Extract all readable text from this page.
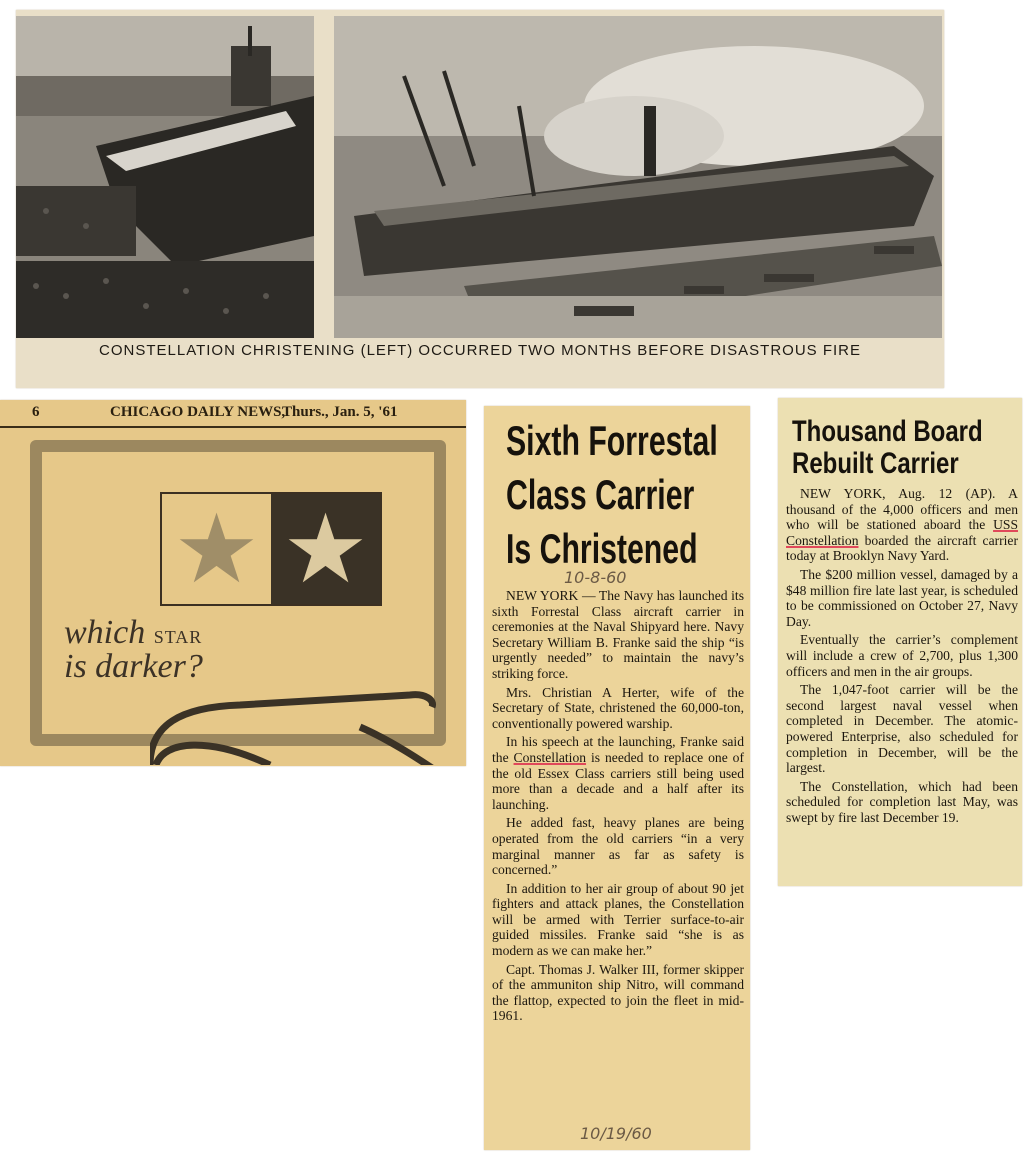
CONSTELLATION CHRISTENING (LEFT) OCCURRED TWO MONTHS BEFORE DISASTROUS FIRE
6	CHICAGO DAILY NEWS,
Thurs., Jan. 5, '61
★ ★
which STAR
is darker?
Sixth Forrestal
Class Carrier
Is Christened
10-8-60

NEW YORK — The Navy has launched its sixth Forrestal Class aircraft carrier in ceremonies at the Naval Shipyard here. Navy Secretary William B. Franke said the ship “is urgently needed” to maintain the navy’s striking force.

Mrs. Christian A Herter, wife of the Secretary of State, christened the 60,000-ton, conventionally powered warship.

In his speech at the launching, Franke said the Constellation is needed to replace one of the old Essex Class carriers still being used more than a decade and a half after its launching.

He added fast, heavy planes are being operated from the old carriers “in a very marginal manner as far as safety is concerned.”

In addition to her air group of about 90 jet fighters and attack planes, the Constellation will be armed with Terrier surface-to-air guided missiles. Franke said “she is as modern as we can make her.”

Capt. Thomas J. Walker III, former skipper of the ammuniton ship Nitro, will command the flattop, expected to join the fleet in mid-1961.

10/19/60
Thousand Board
Rebuilt Carrier

NEW YORK, Aug. 12 (AP). A thousand of the 4,000 officers and men who will be stationed aboard the USS Constellation boarded the aircraft carrier today at Brooklyn Navy Yard.

The $200 million vessel, damaged by a $48 million fire late last year, is scheduled to be commissioned on October 27, Navy Day.

Eventually the carrier’s complement will include a crew of 2,700, plus 1,300 officers and men in the air groups.

The 1,047-foot carrier will be the second largest naval vessel when completed in December. The atomic-powered Enterprise, also scheduled for completion in December, will be the largest.

The Constellation, which had been scheduled for completion last May, was swept by fire last December 19.
